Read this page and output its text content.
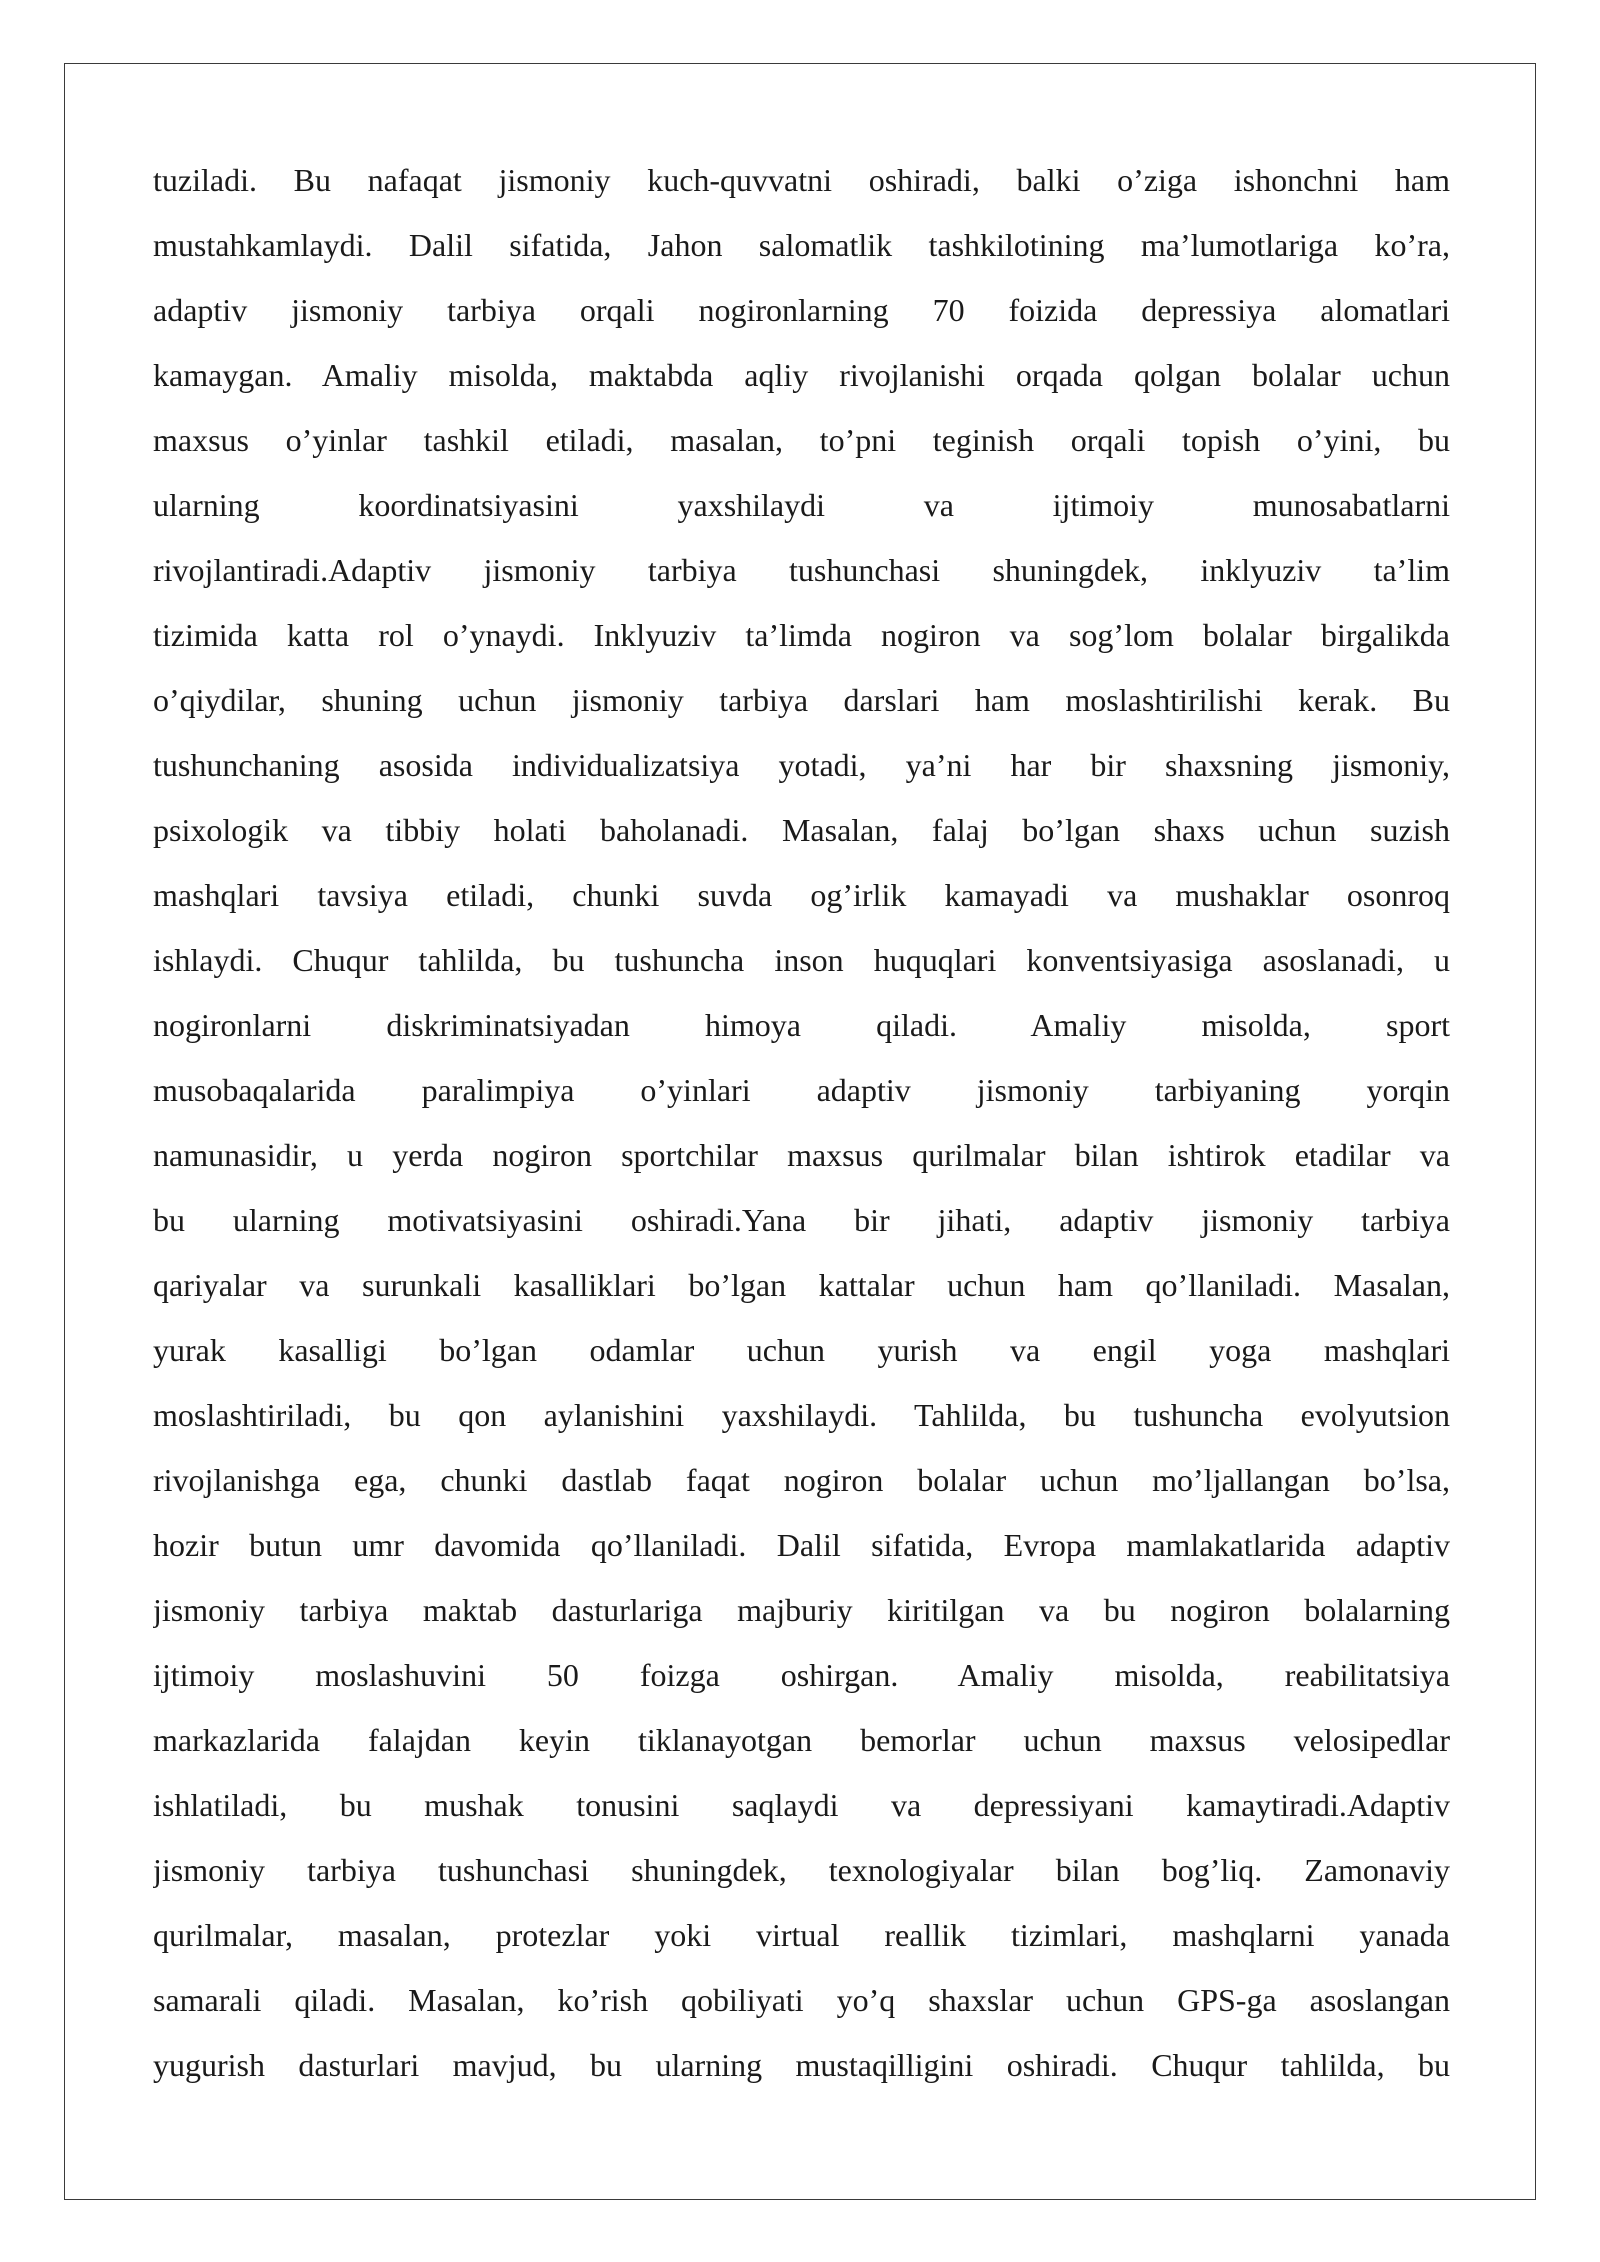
tuziladi. Bu nafaqat jismoniy kuch-quvvatni oshiradi, balki o’ziga ishonchni ham
mustahkamlaydi. Dalil sifatida, Jahon salomatlik tashkilotining ma’lumotlariga ko’ra,
adaptiv jismoniy tarbiya orqali nogironlarning 70 foizida depressiya alomatlari
kamaygan. Amaliy misolda, maktabda aqliy rivojlanishi orqada qolgan bolalar uchun
maxsus o’yinlar tashkil etiladi, masalan, to’pni teginish orqali topish o’yini, bu
ularning koordinatsiyasini yaxshilaydi va ijtimoiy munosabatlarni
rivojlantiradi.Adaptiv jismoniy tarbiya tushunchasi shuningdek, inklyuziv ta’lim
tizimida katta rol o’ynaydi. Inklyuziv ta’limda nogiron va sog’lom bolalar birgalikda
o’qiydilar, shuning uchun jismoniy tarbiya darslari ham moslashtirilishi kerak. Bu
tushunchaning asosida individualizatsiya yotadi, ya’ni har bir shaxsning jismoniy,
psixologik va tibbiy holati baholanadi. Masalan, falaj bo’lgan shaxs uchun suzish
mashqlari tavsiya etiladi, chunki suvda og’irlik kamayadi va mushaklar osonroq
ishlaydi. Chuqur tahlilda, bu tushuncha inson huquqlari konventsiyasiga asoslanadi, u
nogironlarni diskriminatsiyadan himoya qiladi. Amaliy misolda, sport
musobaqalarida paralimpiya o’yinlari adaptiv jismoniy tarbiyaning yorqin
namunasidir, u yerda nogiron sportchilar maxsus qurilmalar bilan ishtirok etadilar va
bu ularning motivatsiyasini oshiradi.Yana bir jihati, adaptiv jismoniy tarbiya
qariyalar va surunkali kasalliklari bo’lgan kattalar uchun ham qo’llaniladi. Masalan,
yurak kasalligi bo’lgan odamlar uchun yurish va engil yoga mashqlari
moslashtiriladi, bu qon aylanishini yaxshilaydi. Tahlilda, bu tushuncha evolyutsion
rivojlanishga ega, chunki dastlab faqat nogiron bolalar uchun mo’ljallangan bo’lsa,
hozir butun umr davomida qo’llaniladi. Dalil sifatida, Evropa mamlakatlarida adaptiv
jismoniy tarbiya maktab dasturlariga majburiy kiritilgan va bu nogiron bolalarning
ijtimoiy moslashuvini 50 foizga oshirgan. Amaliy misolda, reabilitatsiya
markazlarida falajdan keyin tiklanayotgan bemorlar uchun maxsus velosipedlar
ishlatiladi, bu mushak tonusini saqlaydi va depressiyani kamaytiradi.Adaptiv
jismoniy tarbiya tushunchasi shuningdek, texnologiyalar bilan bog’liq. Zamonaviy
qurilmalar, masalan, protezlar yoki virtual reallik tizimlari, mashqlarni yanada
samarali qiladi. Masalan, ko’rish qobiliyati yo’q shaxslar uchun GPS-ga asoslangan
yugurish dasturlari mavjud, bu ularning mustaqilligini oshiradi. Chuqur tahlilda, bu
